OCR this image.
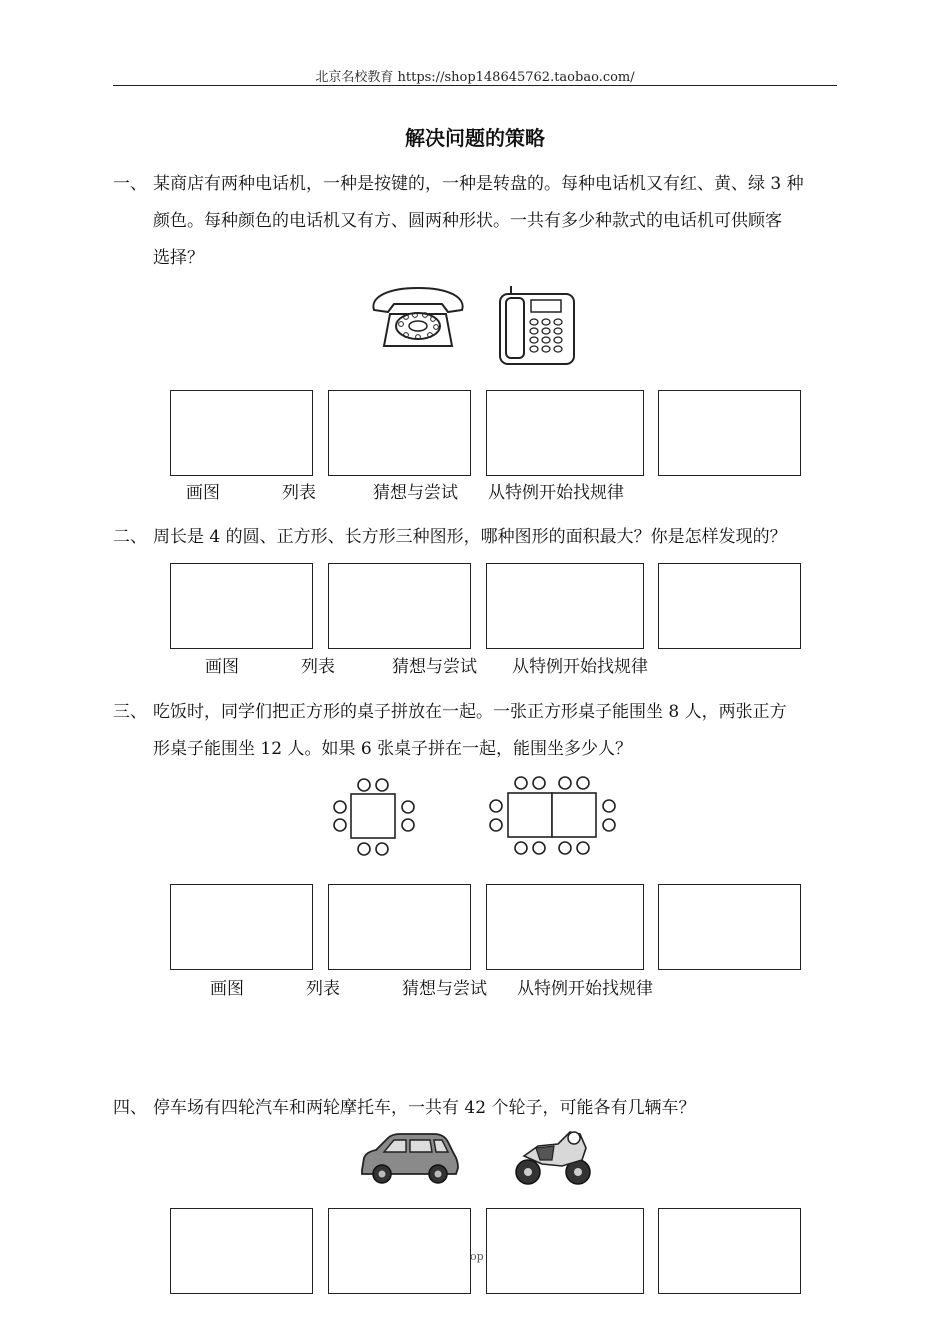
北京名校教育 https://shop148645762.taobao.com/
解决问题的策略
一、 某商店有两种电话机，一种是按键的，一种是转盘的。每种电话机又有红、黄、绿 3 种
颜色。每种颜色的电话机又有方、圆两种形状。一共有多少种款式的电话机可供顾客
选择？
画图	列表	猜想与尝试 从特例开始找规律
二、 周长是 4 的圆、正方形、长方形三种图形，哪种图形的面积最大？你是怎样发现的？
画图	列表	猜想与尝试 从特例开始找规律
三、 吃饭时，同学们把正方形的桌子拼放在一起。一张正方形桌子能围坐 8 人，两张正方
形桌子能围坐 12 人。如果 6 张桌子拼在一起，能围坐多少人？
画图	列表	猜想与尝试 从特例开始找规律
四、 停车场有四轮汽车和两轮摩托车，一共有 42 个轮子，可能各有几辆车？
op
